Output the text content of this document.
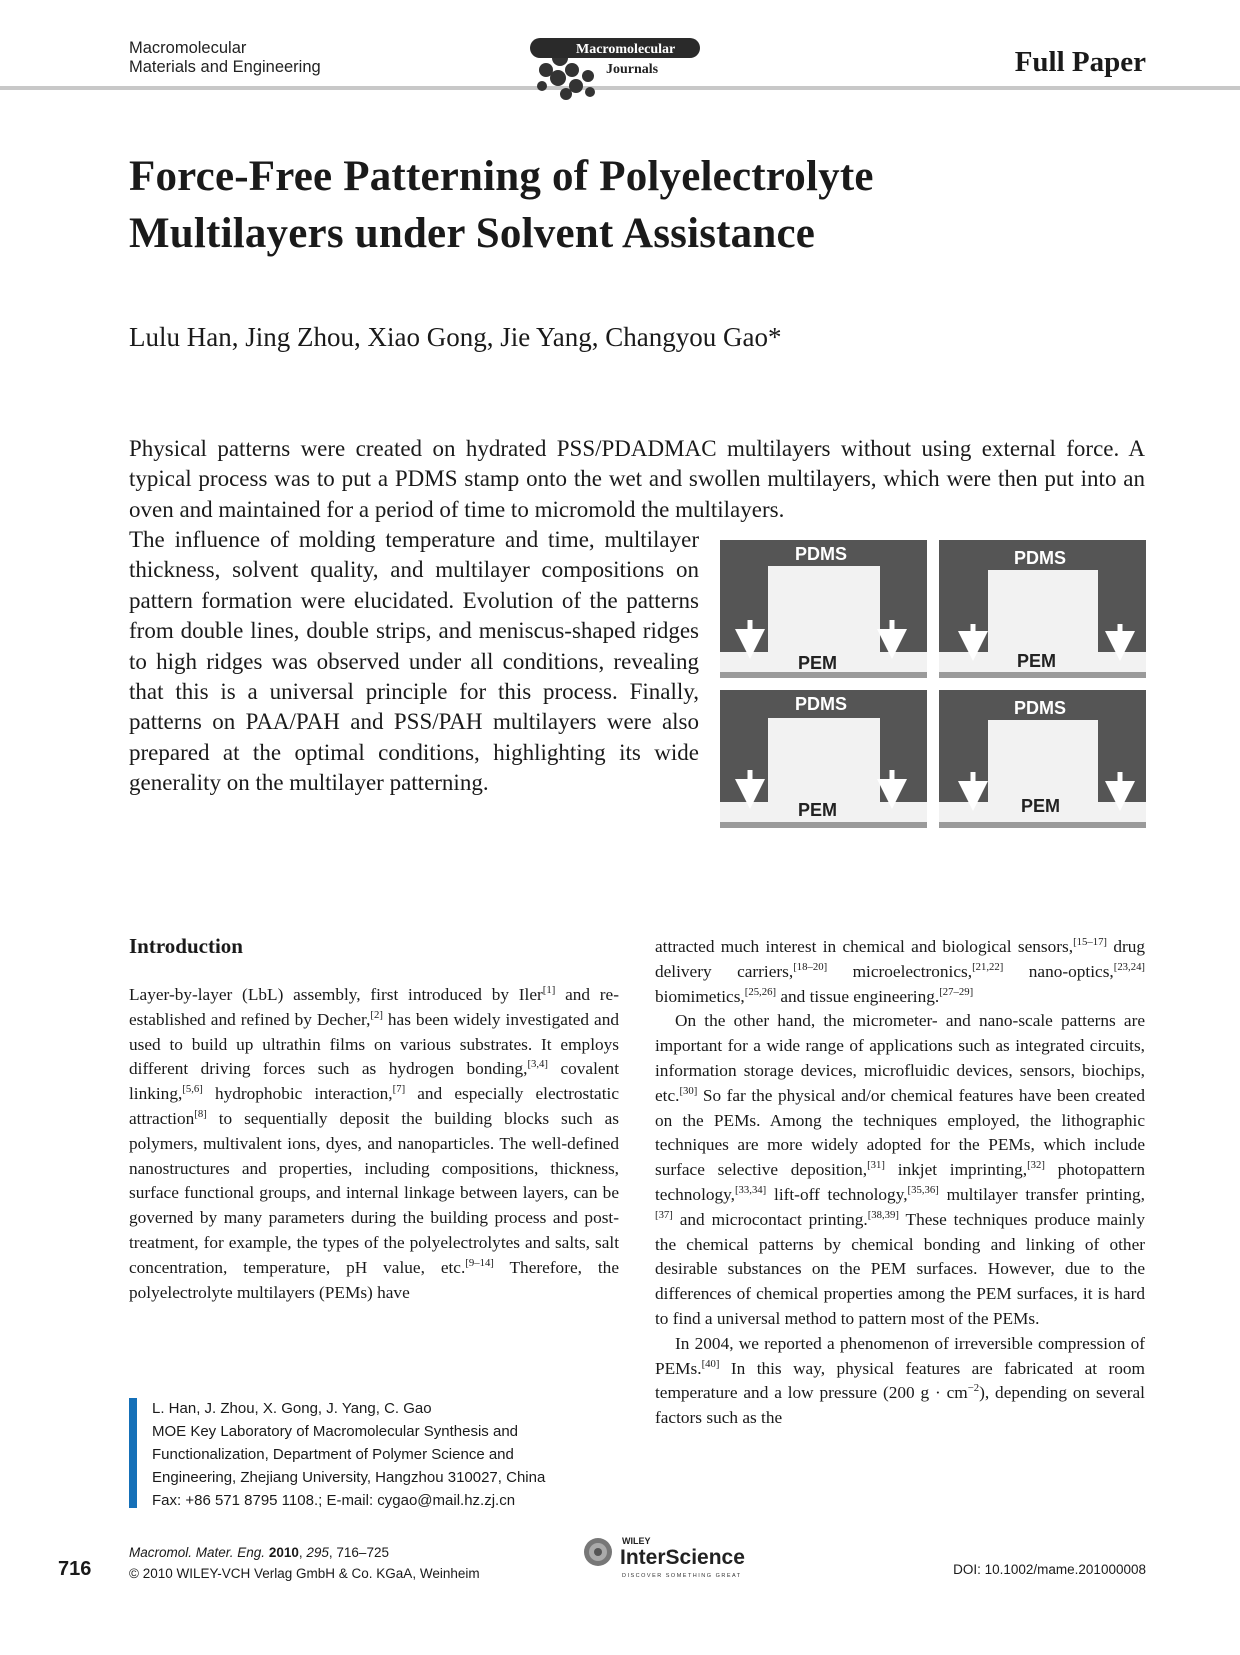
Macromolecular
Materials and Engineering
Macromolecular
Journals	Full Paper
Force-Free Patterning of Polyelectrolyte
Multilayers under Solvent Assistance
Lulu Han, Jing Zhou, Xiao Gong, Jie Yang, Changyou Gao*

Physical patterns were created on hydrated PSS/PDADMAC multilayers without using external force. A typical process was to put a PDMS stamp onto the wet and swollen multilayers, which were then put into an oven and maintained for a period of time to micromold the multilayers.

The influence of molding temperature and time, multilayer thickness, solvent quality, and multilayer compositions on pattern formation were elucidated. Evolution of the patterns from double lines, double strips, and meniscus-shaped ridges to high ridges was observed under all conditions, revealing that this is a universal principle for this process. Finally, patterns on PAA/PAH and PSS/PAH multilayers were also prepared at the optimal conditions, highlighting its wide generality on the multilayer patterning.

PDMS
PEM
PDMS
PEM
PDMS
PEM
PDMS
PEM
Introduction

Layer-by-layer (LbL) assembly, first introduced by Iler[1] and re-established and refined by Decher,[2] has been widely investigated and used to build up ultrathin films on various substrates. It employs different driving forces such as hydrogen bonding,[3,4] covalent linking,[5,6] hydrophobic interaction,[7] and especially electrostatic attraction[8] to sequentially deposit the building blocks such as polymers, multivalent ions, dyes, and nanoparticles. The well-defined nanostructures and properties, including compositions, thickness, surface functional groups, and internal linkage between layers, can be governed by many parameters during the building process and post-treatment, for example, the types of the polyelectrolytes and salts, salt concentration, temperature, pH value, etc.[9–14] Therefore, the polyelectrolyte multilayers (PEMs) have

attracted much interest in chemical and biological sensors,[15–17] drug delivery carriers,[18–20] microelectronics,[21,22] nano-optics,[23,24] biomimetics,[25,26] and tissue engineering.[27–29]

On the other hand, the micrometer- and nano-scale patterns are important for a wide range of applications such as integrated circuits, information storage devices, microfluidic devices, sensors, biochips, etc.[30] So far the physical and/or chemical features have been created on the PEMs. Among the techniques employed, the lithographic techniques are more widely adopted for the PEMs, which include surface selective deposition,[31] inkjet imprinting,[32] photopattern technology,[33,34] lift-off technology,[35,36] multilayer transfer printing,[37] and microcontact printing.[38,39] These techniques produce mainly the chemical patterns by chemical bonding and linking of other desirable substances on the PEM surfaces. However, due to the differences of chemical properties among the PEM surfaces, it is hard to find a universal method to pattern most of the PEMs.

In 2004, we reported a phenomenon of irreversible compression of PEMs.[40] In this way, physical features are fabricated at room temperature and a low pressure (200 $g \cdot cm^{-2}$), depending on several factors such as the

L. Han, J. Zhou, X. Gong, J. Yang, C. Gao
MOE Key Laboratory of Macromolecular Synthesis and
Functionalization, Department of Polymer Science and
Engineering, Zhejiang University, Hangzhou 310027, China
Fax: +86 571 8795 1108.; E-mail: cygao@mail.hz.zj.cn
716
Macromol. Mater. Eng. 2010, 295, 716–725
© 2010 WILEY-VCH Verlag GmbH & Co. KGaA, Weinheim
WILEY
InterScience
DISCOVER SOMETHING GREAT	DOI: 10.1002/mame.201000008
